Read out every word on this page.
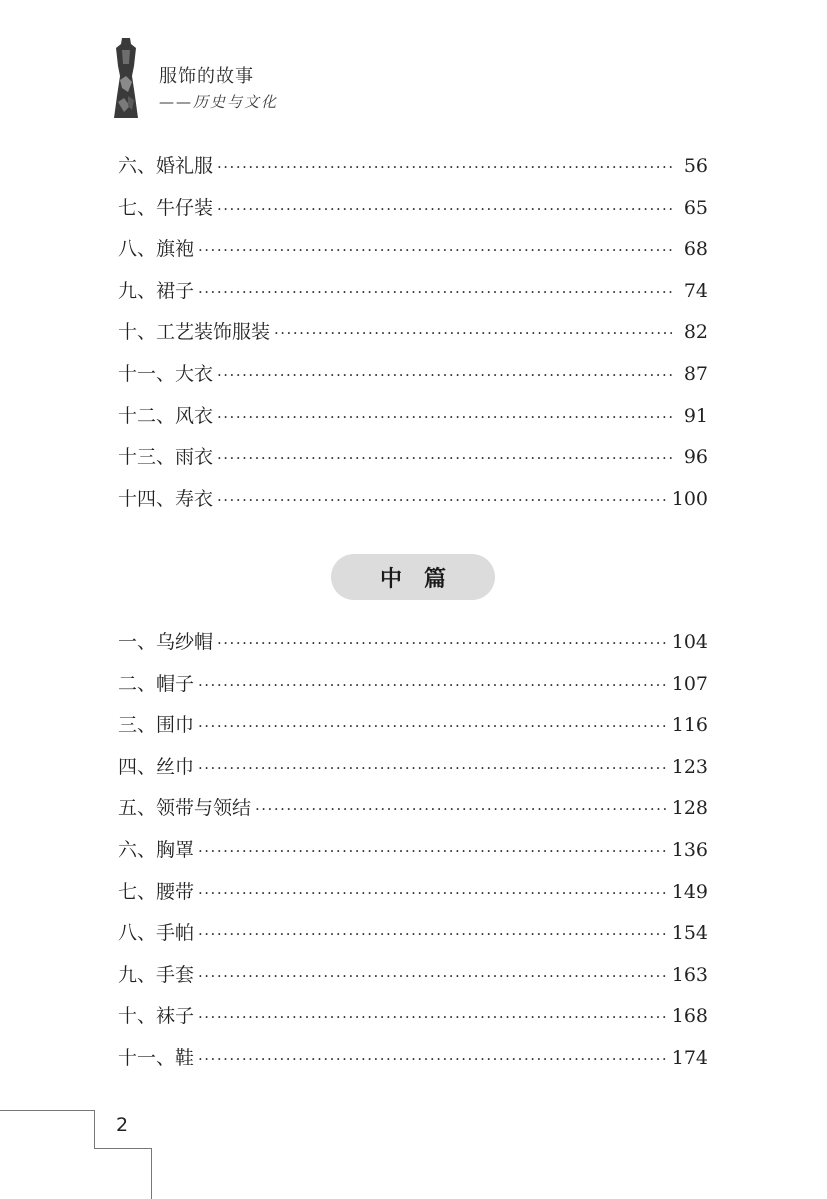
服饰的故事
——历史与文化
六、婚礼服 ·····	56
七、牛仔装 ·····	65
八、旗袍 ·····	68
九、裙子 ·····	74
十、工艺装饰服装 ·····	82
十一、大衣 ·····	87
十二、风衣 ·····	91
十三、雨衣 ·····	96
十四、寿衣 ·····	100
中篇
一、乌纱帽 ·····	104
二、帽子 ·····	107
三、围巾 ·····	116
四、丝巾 ·····	123
五、领带与领结 ·····	128
六、胸罩 ·····	136
七、腰带 ·····	149
八、手帕 ·····	154
九、手套 ·····	163
十、袜子 ·····	168
十一、鞋 ·····	174
2
